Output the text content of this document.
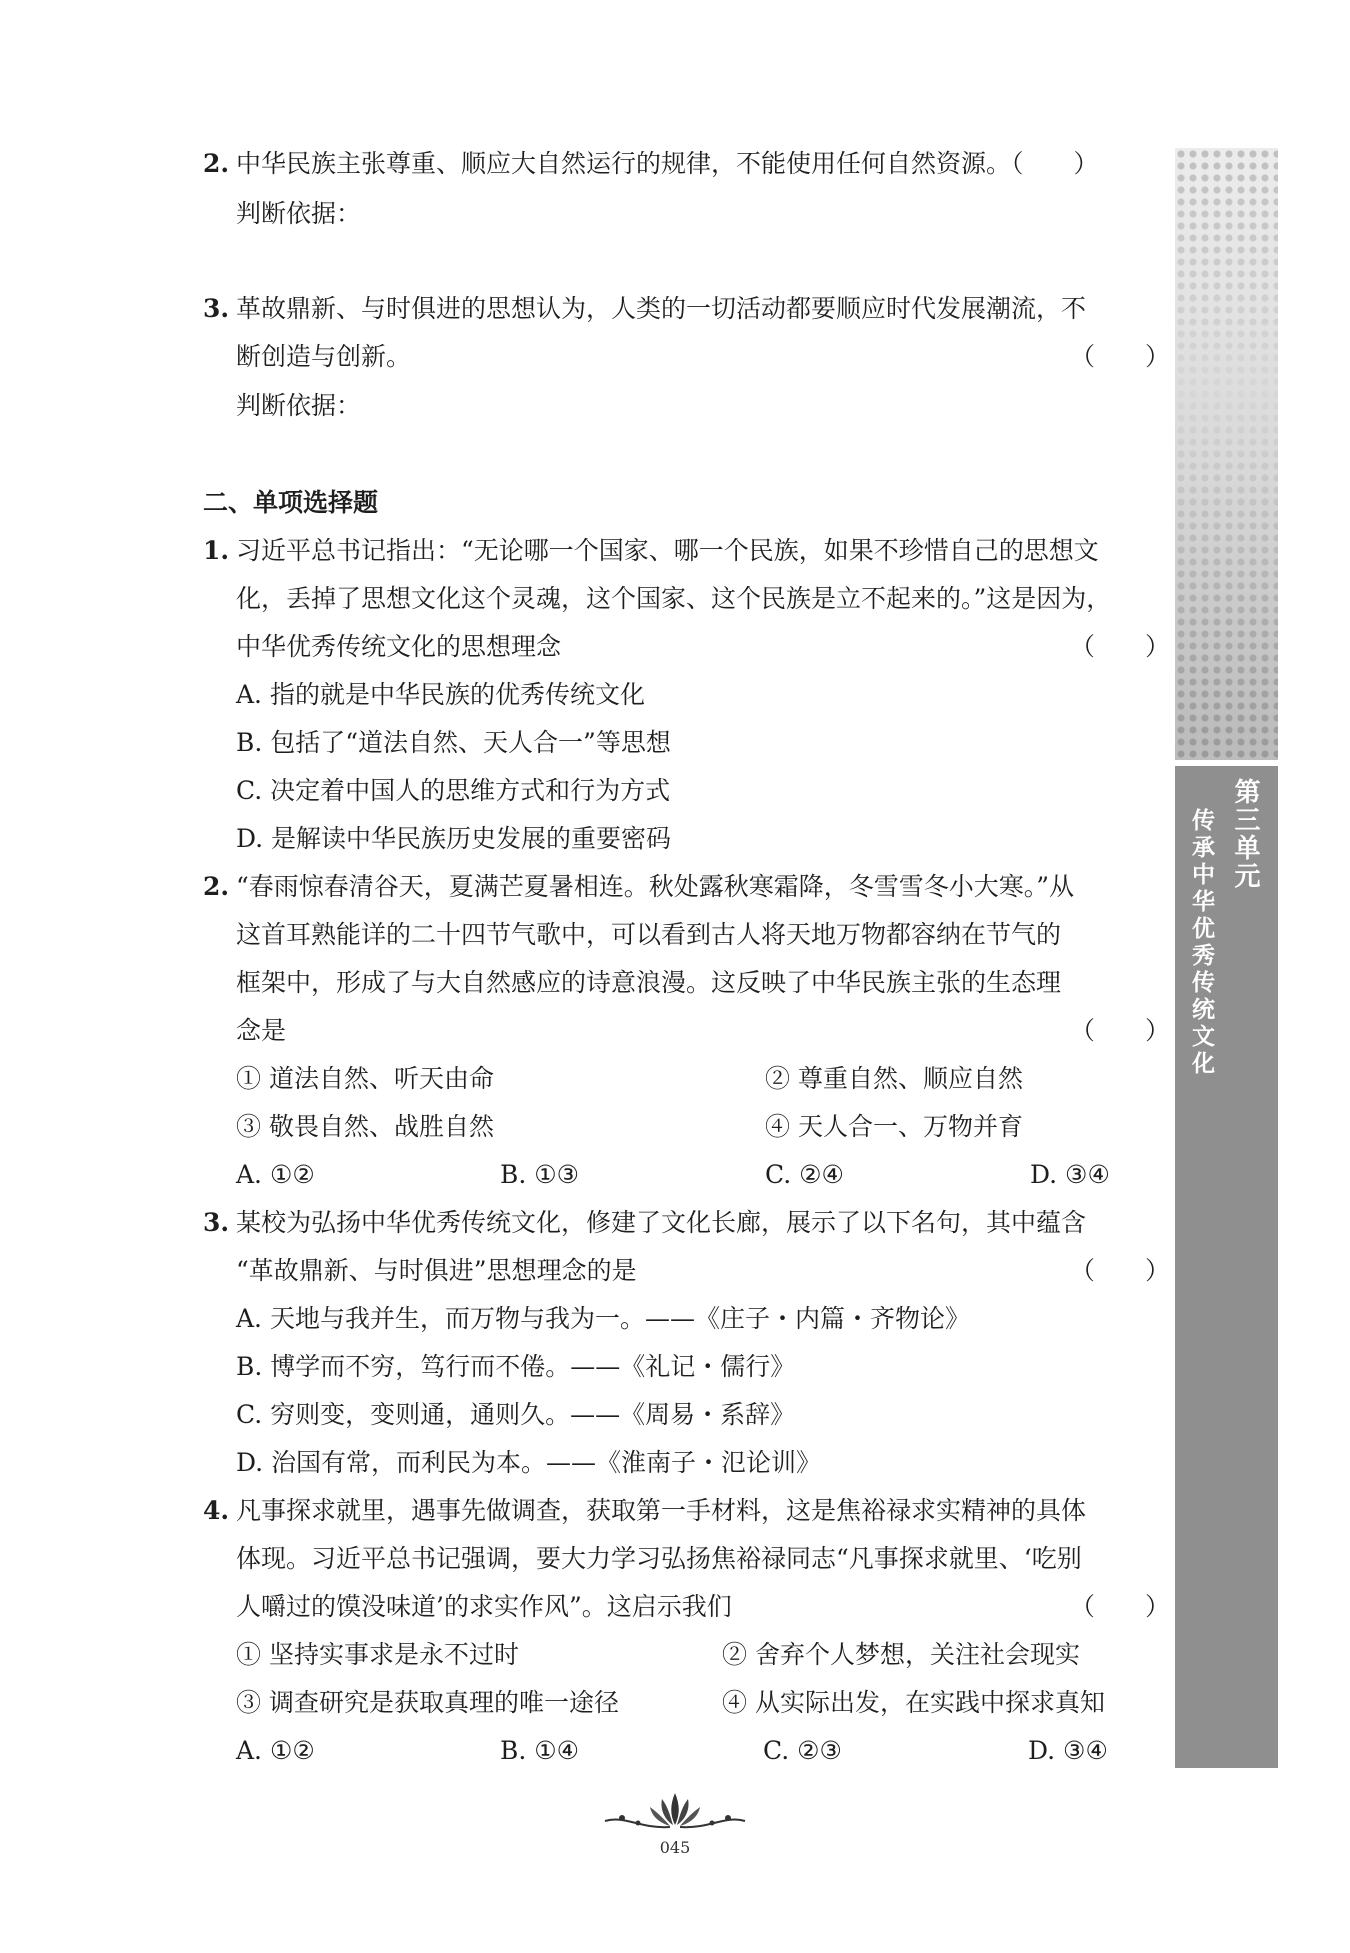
2. 中华民族主张尊重、顺应大自然运行的规律，不能使用任何自然资源。（　　）
判断依据：
3. 革故鼎新、与时俱进的思想认为，人类的一切活动都要顺应时代发展潮流，不
断创造与创新。	（　　）
判断依据：
二、单项选择题
1. 习近平总书记指出：“无论哪一个国家、哪一个民族，如果不珍惜自己的思想文
化，丢掉了思想文化这个灵魂，这个国家、这个民族是立不起来的。”这是因为，
中华优秀传统文化的思想理念	（　　）
A. 指的就是中华民族的优秀传统文化
B. 包括了“道法自然、天人合一”等思想
C. 决定着中国人的思维方式和行为方式
D. 是解读中华民族历史发展的重要密码
2. “春雨惊春清谷天，夏满芒夏暑相连。秋处露秋寒霜降，冬雪雪冬小大寒。”从
这首耳熟能详的二十四节气歌中，可以看到古人将天地万物都容纳在节气的
框架中，形成了与大自然感应的诗意浪漫。这反映了中华民族主张的生态理
念是	（　　）
① 道法自然、听天由命	② 尊重自然、顺应自然
③ 敬畏自然、战胜自然	④ 天人合一、万物并育
A. ①②	B. ①③	C. ②④	D. ③④
3. 某校为弘扬中华优秀传统文化，修建了文化长廊，展示了以下名句，其中蕴含
“革故鼎新、与时俱进”思想理念的是	（　　）
A. 天地与我并生，而万物与我为一。——《庄子・内篇・齐物论》
B. 博学而不穷，笃行而不倦。——《礼记・儒行》
C. 穷则变，变则通，通则久。——《周易・系辞》
D. 治国有常，而利民为本。——《淮南子・氾论训》
4. 凡事探求就里，遇事先做调查，获取第一手材料，这是焦裕禄求实精神的具体
体现。习近平总书记强调，要大力学习弘扬焦裕禄同志“凡事探求就里、‘吃别
人嚼过的馍没味道’的求实作风”。这启示我们	（　　）
① 坚持实事求是永不过时	② 舍弃个人梦想，关注社会现实
③ 调查研究是获取真理的唯一途径	④ 从实际出发，在实践中探求真知
A. ①②	B. ①④	C. ②③	D. ③④
第三单元
传承中华优秀传统文化
045
